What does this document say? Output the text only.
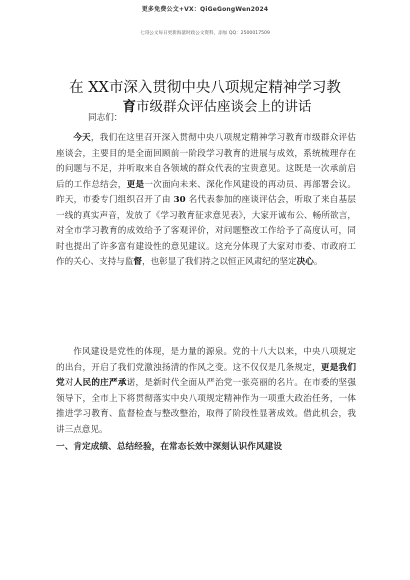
更多免费公文+VX：QiGeGongWen2024
七哥公文每日更新海量时政公文资料，添加 QQ：2500017509
在 XX市深入贯彻中央八项规定精神学习教
育市级群众评估座谈会上的讲话
同志们：

今天，我们在这里召开深入贯彻中央八项规定精神学习教育市级群众评估座谈会，主要目的是全面回顾前一阶段学习教育的进展与成效，系统梳理存在的问题与不足，并听取来自各领域的群众代表的宝贵意见。这既是一次承前启后的工作总结会，更是一次面向未来、深化作风建设的再动员、再部署会议。昨天，市委专门组织召开了由 30 名代表参加的座谈评估会，听取了来自基层一线的真实声音，发放了《学习教育征求意见表》，大家开诚布公、畅所欲言，对全市学习教育的成效给予了客观评价，对问题整改工作给予了高度认可，同时也提出了许多富有建设性的意见建议。这充分体现了大家对市委、市政府工作的关心、支持与监督，也彰显了我们持之以恒正风肃纪的坚定决心。

作风建设是党性的体现，是力量的源泉。党的十八大以来，中央八项规定的出台，开启了我们党激浊扬清的作风之变。这不仅仅是几条规定，更是我们党对人民的庄严承诺，是新时代全面从严治党一张亮丽的名片。在市委的坚强领导下，全市上下将贯彻落实中央八项规定精神作为一项重大政治任务，一体推进学习教育、监督检查与整改整治，取得了阶段性显著成效。借此机会，我讲三点意见。

一、肯定成绩、总结经验，在常态长效中深刻认识作风建设
